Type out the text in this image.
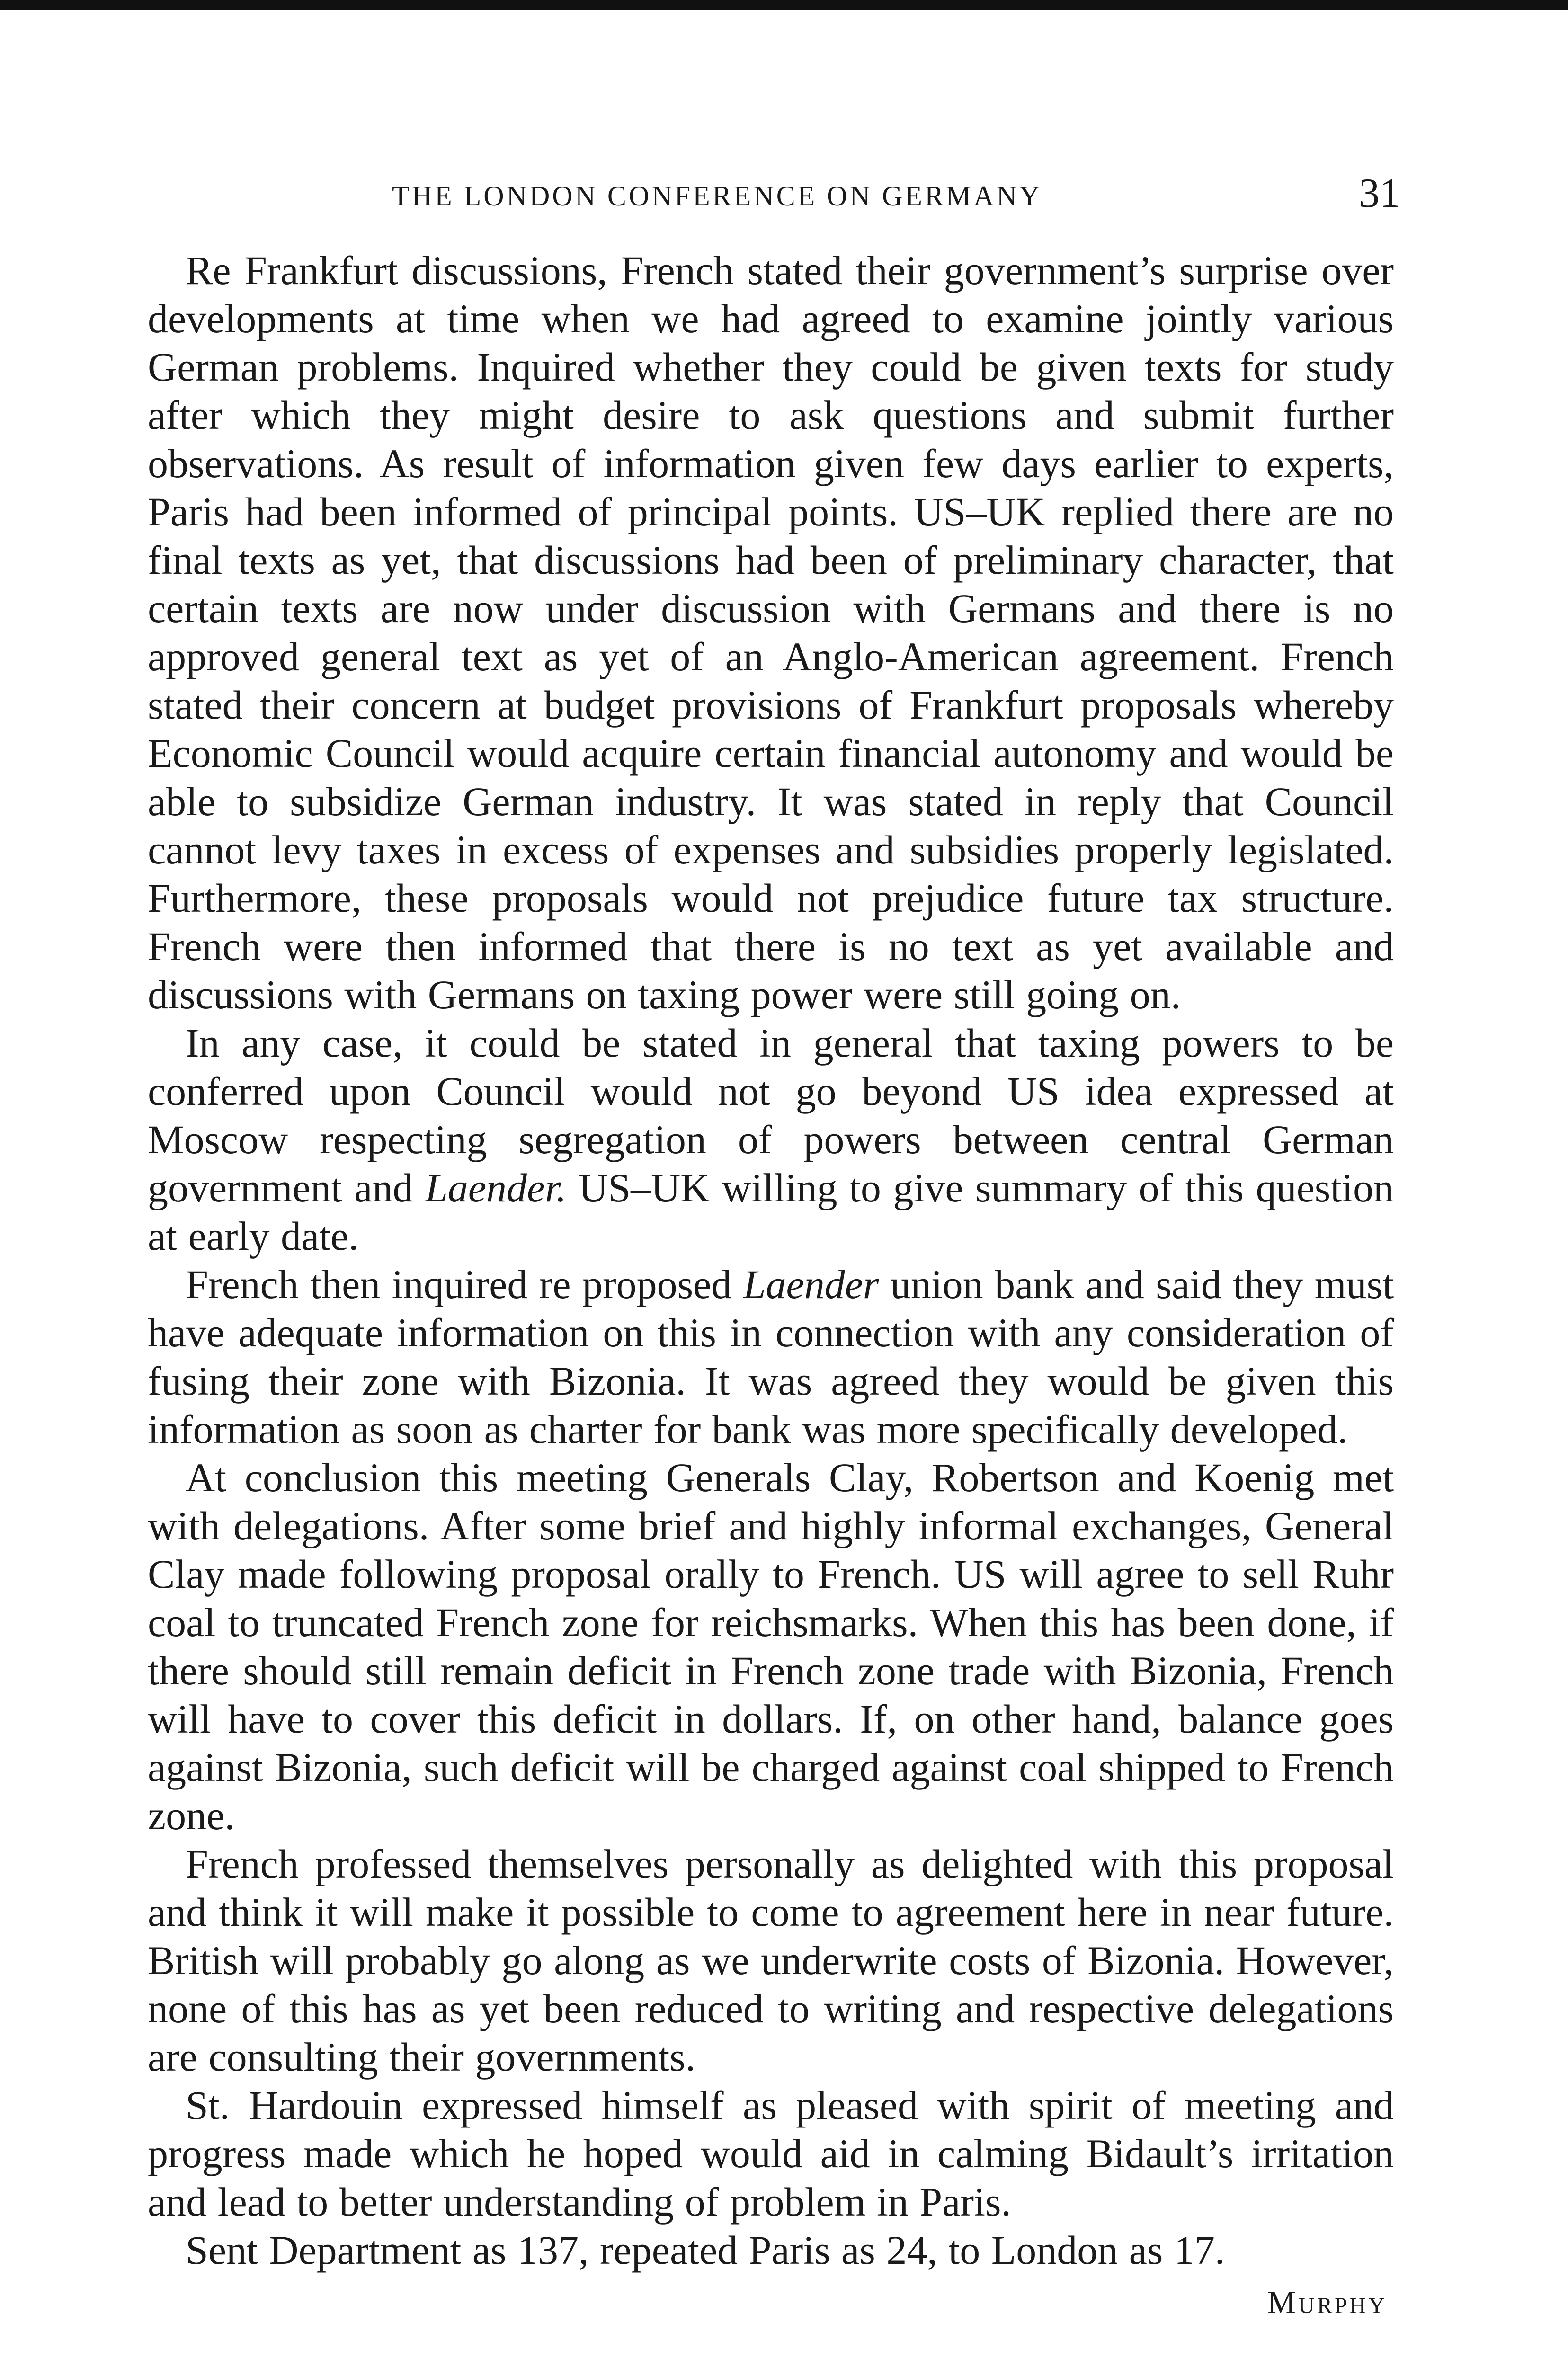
THE LONDON CONFERENCE ON GERMANY	31

Re Frankfurt discussions, French stated their government’s surprise over developments at time when we had agreed to examine jointly various German problems. Inquired whether they could be given texts for study after which they might desire to ask questions and submit further observations. As result of information given few days earlier to experts, Paris had been informed of principal points. US–UK replied there are no final texts as yet, that discussions had been of preliminary character, that certain texts are now under discussion with Germans and there is no approved general text as yet of an Anglo-American agreement. French stated their concern at budget provisions of Frankfurt proposals whereby Economic Council would acquire certain financial autonomy and would be able to subsidize German industry. It was stated in reply that Council cannot levy taxes in excess of expenses and subsidies properly legislated. Furthermore, these proposals would not prejudice future tax structure. French were then informed that there is no text as yet available and discussions with Germans on taxing power were still going on.

In any case, it could be stated in general that taxing powers to be conferred upon Council would not go beyond US idea expressed at Moscow respecting segregation of powers between central German government and Laender. US–UK willing to give summary of this question at early date.

French then inquired re proposed Laender union bank and said they must have adequate information on this in connection with any consideration of fusing their zone with Bizonia. It was agreed they would be given this information as soon as charter for bank was more specifically developed.

At conclusion this meeting Generals Clay, Robertson and Koenig met with delegations. After some brief and highly informal exchanges, General Clay made following proposal orally to French. US will agree to sell Ruhr coal to truncated French zone for reichsmarks. When this has been done, if there should still remain deficit in French zone trade with Bizonia, French will have to cover this deficit in dollars. If, on other hand, balance goes against Bizonia, such deficit will be charged against coal shipped to French zone.

French professed themselves personally as delighted with this proposal and think it will make it possible to come to agreement here in near future. British will probably go along as we underwrite costs of Bizonia. However, none of this has as yet been reduced to writing and respective delegations are consulting their governments.

St. Hardouin expressed himself as pleased with spirit of meeting and progress made which he hoped would aid in calming Bidault’s irritation and lead to better understanding of problem in Paris.

Sent Department as 137, repeated Paris as 24, to London as 17.

Murphy
